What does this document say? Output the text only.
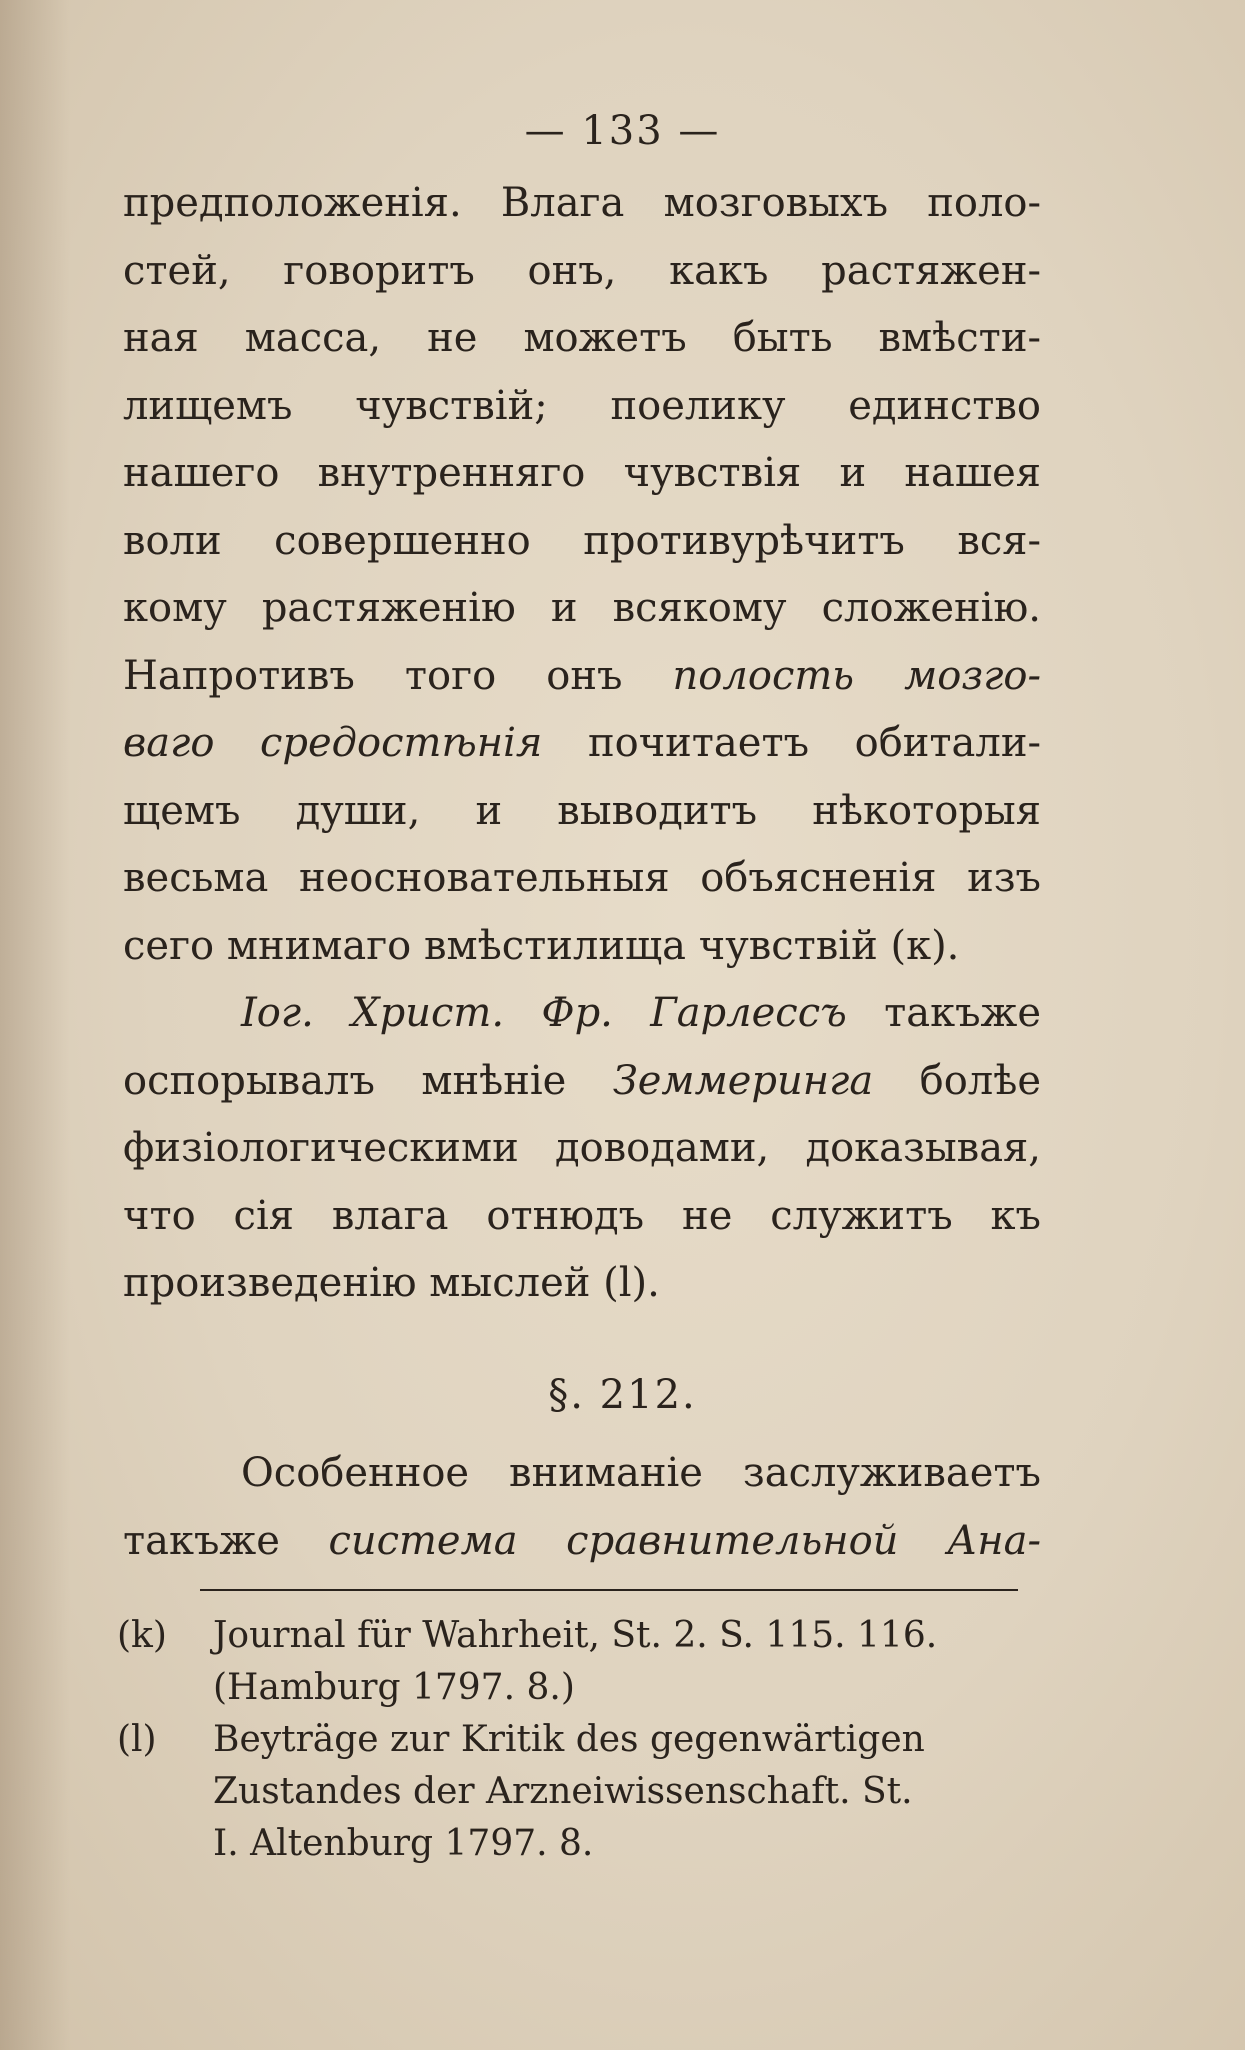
— 133 —
предположенія. Влага мозговыхъ поло-
стей, говоритъ онъ, какъ растяжен-
ная масса, не можетъ быть вмѣсти-
лищемъ чувствій; поелику единство
нашего внутренняго чувствія и нашея
воли совершенно противурѣчитъ вся-
кому растяженію и всякому сложенію.
Напротивъ того онъ полость мозго-
ваго средостѣнія почитаетъ обитали-
щемъ души, и выводитъ нѣкоторыя
весьма неосновательныя объясненія изъ
сего мнимаго вмѣстилища чувствій (к).
Іог. Христ. Фр. Гарлессъ такъже
оспорывалъ мнѣніе Земмеринга болѣе
физіологическими доводами, доказывая,
что сія влага отнюдъ не служитъ къ
произведенію мыслей (l).
§. 212.
Особенное вниманіе заслуживаетъ
такъже система сравнительной Ана-
(k) Journal für Wahrheit, St. 2. S. 115. 116.
(Hamburg 1797. 8.)
(l) Beyträge zur Kritik des gegenwärtigen
Zustandes der Arzneiwissenschaft. St.
I. Altenburg 1797. 8.
